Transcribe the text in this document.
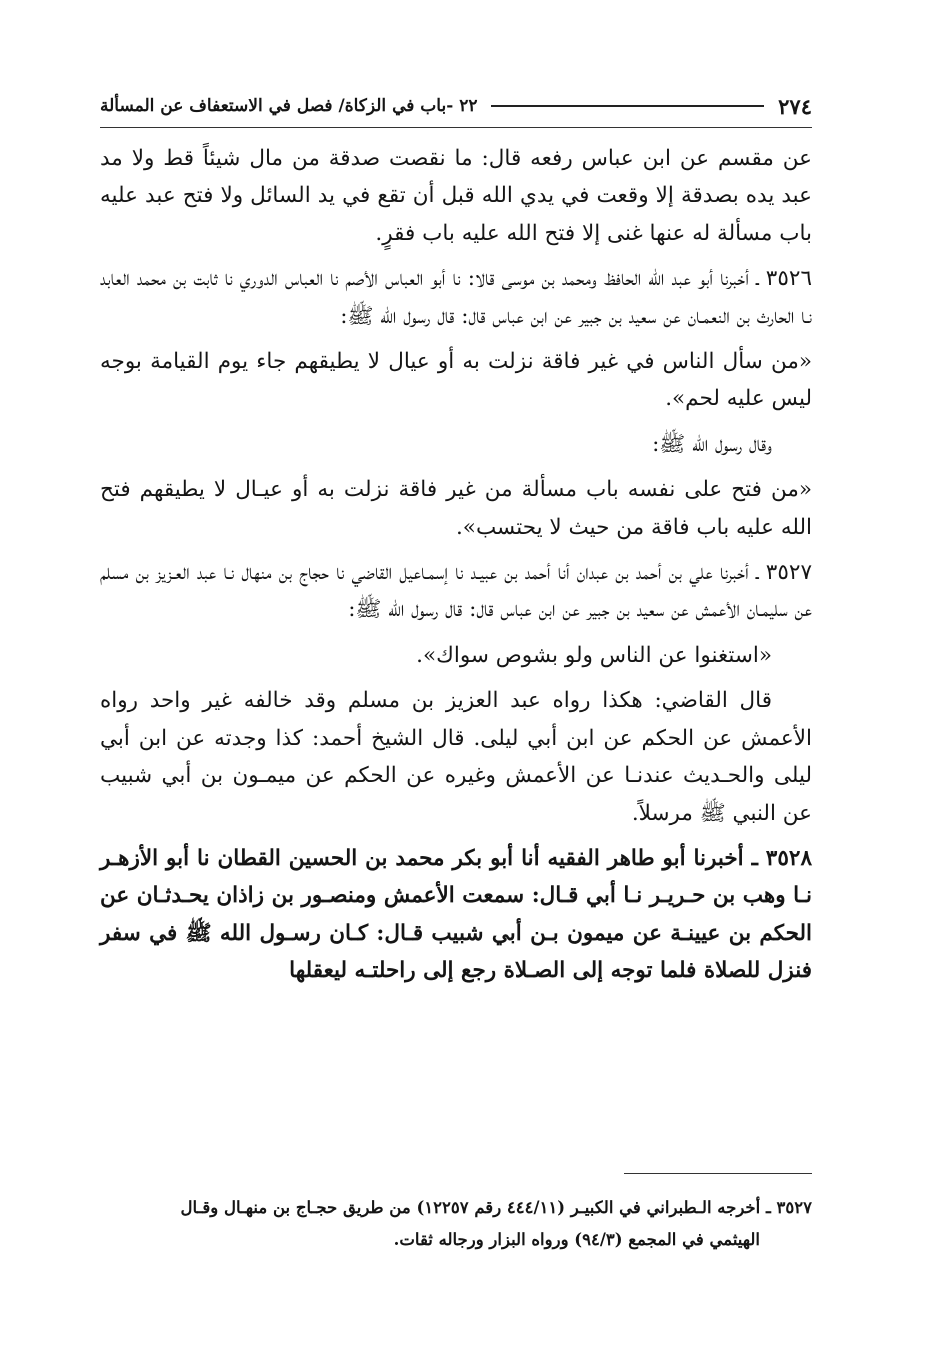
٢٧٤
٢٢ -باب في الزكاة/ فصل في الاستعفاف عن المسألة

عن مقسم عن ابن عباس رفعه قال: ما نقصت صدقة من مال شيئاً قط ولا مد عبد يده بصدقة إلا وقعت في يدي الله قبل أن تقع في يد السائل ولا فتح عبد عليه باب مسألة له عنها غنى إلا فتح الله عليه باب فقرٍ.

٣٥٢٦ ـ أخبرنا أبو عبد الله الحافظ ومحمد بن موسى قالا: نا أبو العباس الأصم نا العباس الدوري نا ثابت بن محمد العابد نـا الحارث بن النعمـان عن سعيد بن جبير عن ابن عباس قال: قال رسول الله ﷺ:

«من سأل الناس في غير فاقة نزلت به أو عيال لا يطيقهم جاء يوم القيامة بوجه ليس عليه لحم».

وقال رسول الله ﷺ:

«من فتح على نفسه باب مسألة من غير فاقة نزلت به أو عيـال لا يطيقهم فتح الله عليه باب فاقة من حيث لا يحتسب».

٣٥٢٧ ـ أخبرنا علي بن أحمد بن عبدان أنا أحمد بن عبيـد نا إسمـاعيل القاضي نا حجاج بن منهال نـا عبد العـزيز بن مسلم عن سليمـان الأعمش عن سعيد بن جبير عن ابن عباس قال: قال رسول الله ﷺ:

«استغنوا عن الناس ولو بشوص سواك».

قال القاضي: هكذا رواه عبد العزيز بن مسلم وقد خالفه غير واحد رواه الأعمش عن الحكم عن ابن أبي ليلى. قال الشيخ أحمد: كذا وجدته عن ابن أبي ليلى والحـديث عندنـا عن الأعمش وغيره عن الحكم عن ميمـون بن أبي شبيب عن النبي ﷺ مرسلاً.

٣٥٢٨ ـ أخبرنا أبو طاهر الفقيه أنا أبو بكر محمد بن الحسين القطان نا أبو الأزهـر نـا وهب بن حـريـر نـا أبي قـال: سمعت الأعمش ومنصـور بن زاذان يحـدثـان عن الحكم بن عيينـة عن ميمون بـن أبي شبيب قـال: كـان رسـول الله ﷺ في سفر فنزل للصلاة فلما توجه إلى الصـلاة رجع إلى راحلتـه ليعقلها

٣٥٢٧ ـ أخرجه الـطبراني في الكبيـر (٤٤٤/١١ رقم ١٢٢٥٧) من طريق حجـاج بن منهـال وقـال
الهيثمي في المجمع (٩٤/٣) ورواه البزار ورجاله ثقات.
